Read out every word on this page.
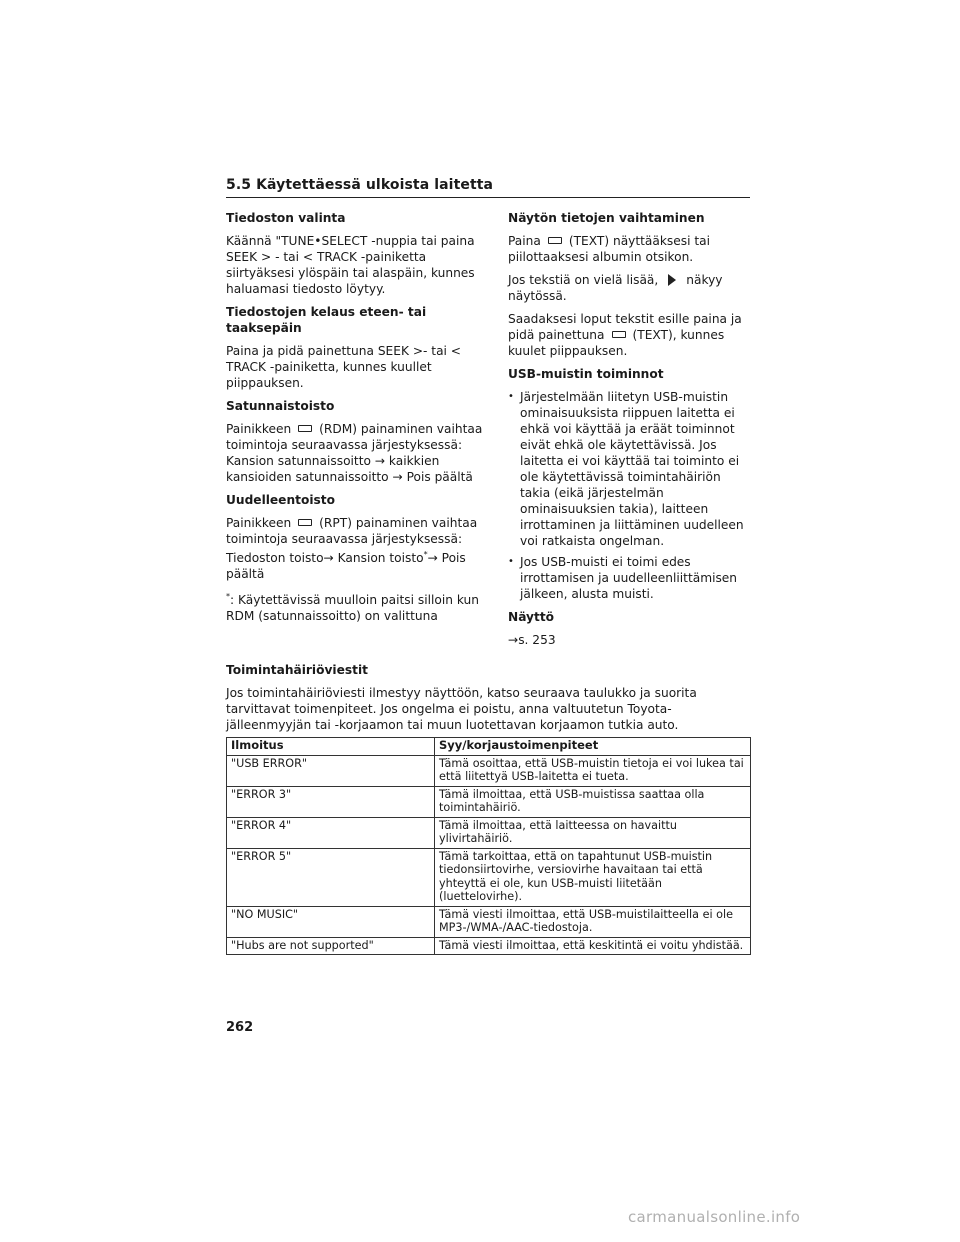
5.5 Käytettäessä ulkoista laitetta
Tiedoston valinta
Käännä "TUNE•SELECT -nuppia tai paina SEEK > - tai < TRACK -painiketta siirtyäksesi ylöspäin tai alaspäin, kunnes haluamasi tiedosto löytyy.
Tiedostojen kelaus eteen- tai taaksepäin
Paina ja pidä painettuna SEEK >- tai < TRACK -painiketta, kunnes kuullet piippauksen.
Satunnaistoisto
Painikkeen (RDM) painaminen vaihtaa toimintoja seuraavassa järjestyksessä: Kansion satunnaissoitto → kaikkien kansioiden satunnaissoitto → Pois päältä
Uudelleentoisto
Painikkeen (RPT) painaminen vaihtaa toimintoja seuraavassa järjestyksessä: Tiedoston toisto→ Kansion toisto*→ Pois päältä
*: Käytettävissä muulloin paitsi silloin kun RDM (satunnaissoitto) on valittuna
Näytön tietojen vaihtaminen
Paina (TEXT) näyttääksesi tai piilottaaksesi albumin otsikon.
Jos tekstiä on vielä lisää, näkyy näytössä.
Saadaksesi loput tekstit esille paina ja pidä painettuna (TEXT), kunnes kuulet piippauksen.
USB-muistin toiminnot
• Järjestelmään liitetyn USB-muistin ominaisuuksista riippuen laitetta ei ehkä voi käyttää ja eräät toiminnot eivät ehkä ole käytettävissä. Jos laitetta ei voi käyttää tai toiminto ei ole käytettävissä toimintahäiriön takia (eikä järjestelmän ominaisuuksien takia), laitteen irrottaminen ja liittäminen uudelleen voi ratkaista ongelman.
• Jos USB-muisti ei toimi edes irrottamisen ja uudelleenliittämisen jälkeen, alusta muisti.
Näyttö
→s. 253
Toimintahäiriöviestit
Jos toimintahäiriöviesti ilmestyy näyttöön, katso seuraava taulukko ja suorita tarvittavat toimenpiteet. Jos ongelma ei poistu, anna valtuutetun Toyota-jälleenmyyjän tai -korjaamon tai muun luotettavan korjaamon tutkia auto.
Ilmoitus	Syy/korjaustoimenpiteet
"USB ERROR"	Tämä osoittaa, että USB-muistin tietoja ei voi lukea tai että liitettyä USB-laitetta ei tueta.
"ERROR 3"	Tämä ilmoittaa, että USB-muistissa saattaa olla toimintahäiriö.
"ERROR 4"	Tämä ilmoittaa, että laitteessa on havaittu ylivirtahäiriö.
"ERROR 5"	Tämä tarkoittaa, että on tapahtunut USB-muistin tiedonsiirtovirhe, versiovirhe havaitaan tai että yhteyttä ei ole, kun USB-muisti liitetään (luettelovirhe).
"NO MUSIC"	Tämä viesti ilmoittaa, että USB-muistilaitteella ei ole MP3-/WMA-/AAC-tiedostoja.
"Hubs are not supported"	Tämä viesti ilmoittaa, että keskitintä ei voitu yhdistää.
262
carmanualsonline.info
